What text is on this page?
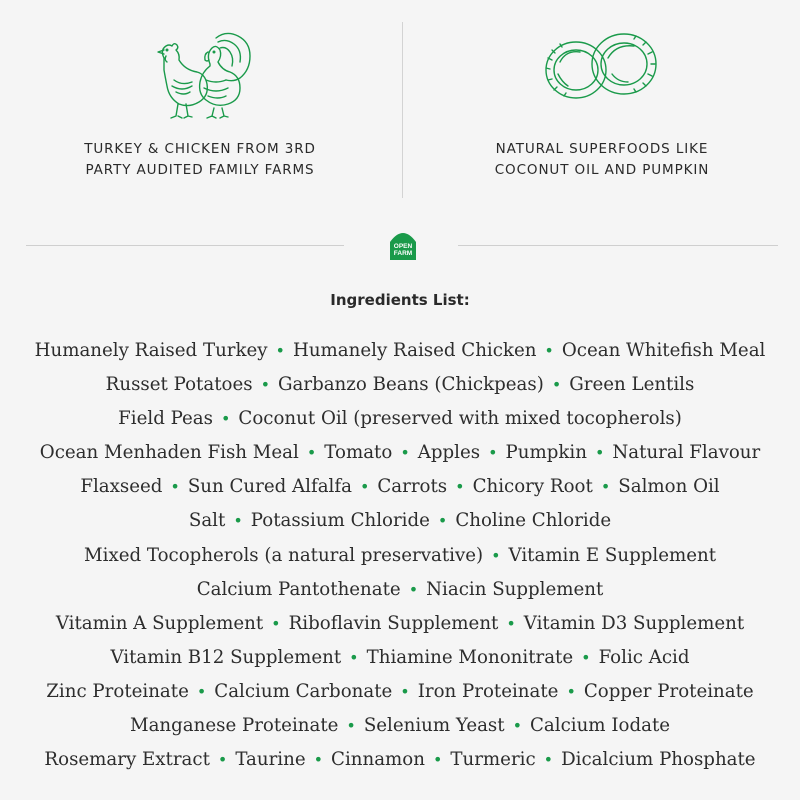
TURKEY & CHICKEN FROM 3RD
PARTY AUDITED FAMILY FARMS
NATURAL SUPERFOODS LIKE
COCONUT OIL AND PUMPKIN
OPEN
FARM
Ingredients List:
Humanely Raised Turkey • Humanely Raised Chicken • Ocean Whitefish Meal
Russet Potatoes • Garbanzo Beans (Chickpeas) • Green Lentils
Field Peas • Coconut Oil (preserved with mixed tocopherols)
Ocean Menhaden Fish Meal • Tomato • Apples • Pumpkin • Natural Flavour
Flaxseed • Sun Cured Alfalfa • Carrots • Chicory Root • Salmon Oil
Salt • Potassium Chloride • Choline Chloride
Mixed Tocopherols (a natural preservative) • Vitamin E Supplement
Calcium Pantothenate • Niacin Supplement
Vitamin A Supplement • Riboflavin Supplement • Vitamin D3 Supplement
Vitamin B12 Supplement • Thiamine Mononitrate • Folic Acid
Zinc Proteinate • Calcium Carbonate • Iron Proteinate • Copper Proteinate
Manganese Proteinate • Selenium Yeast • Calcium Iodate
Rosemary Extract • Taurine • Cinnamon • Turmeric • Dicalcium Phosphate
